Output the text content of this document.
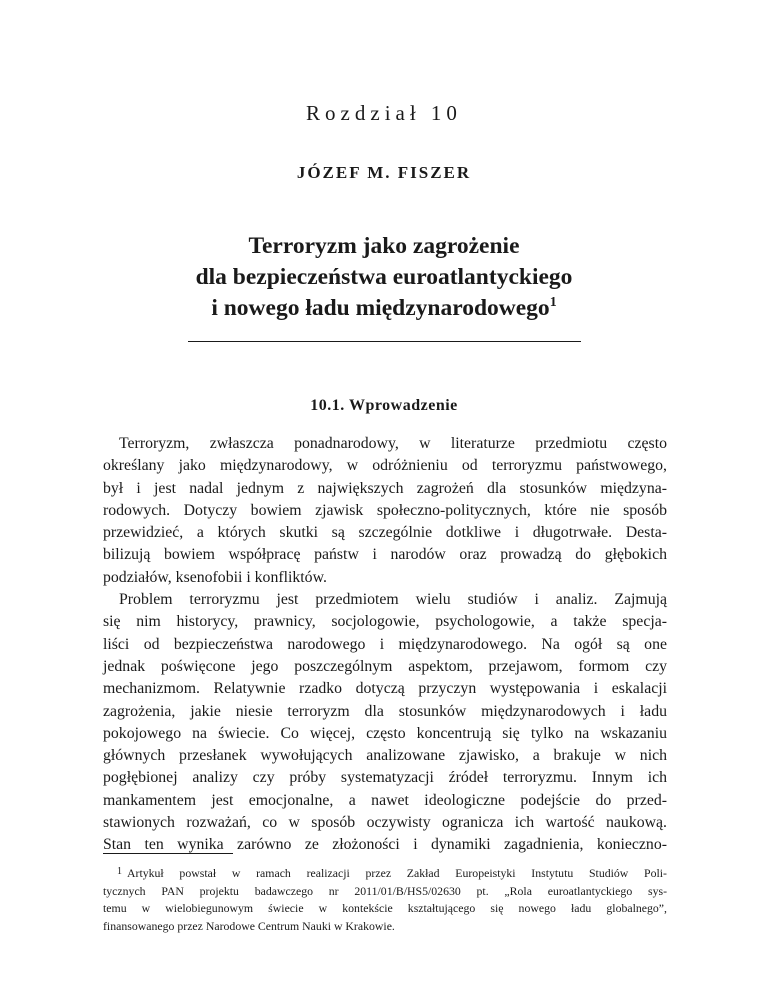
Rozdział 10
JÓZEF M. FISZER
Terroryzm jako zagrożenie
dla bezpieczeństwa euroatlantyckiego
i nowego ładu międzynarodowego$^1$
10.1. Wprowadzenie
Terroryzm, zwłaszcza ponadnarodowy, w literaturze przedmiotu często
określany jako międzynarodowy, w odróżnieniu od terroryzmu państwowego,
był i jest nadal jednym z największych zagrożeń dla stosunków międzyna-
rodowych. Dotyczy bowiem zjawisk społeczno-politycznych, które nie sposób
przewidzieć, a których skutki są szczególnie dotkliwe i długotrwałe. Desta-
bilizują bowiem współpracę państw i narodów oraz prowadzą do głębokich
podziałów, ksenofobii i konfliktów.
Problem terroryzmu jest przedmiotem wielu studiów i analiz. Zajmują
się nim historycy, prawnicy, socjologowie, psychologowie, a także specja-
liści od bezpieczeństwa narodowego i międzynarodowego. Na ogół są one
jednak poświęcone jego poszczególnym aspektom, przejawom, formom czy
mechanizmom. Relatywnie rzadko dotyczą przyczyn występowania i eskalacji
zagrożenia, jakie niesie terroryzm dla stosunków międzynarodowych i ładu
pokojowego na świecie. Co więcej, często koncentrują się tylko na wskazaniu
głównych przesłanek wywołujących analizowane zjawisko, a brakuje w nich
pogłębionej analizy czy próby systematyzacji źródeł terroryzmu. Innym ich
mankamentem jest emocjonalne, a nawet ideologiczne podejście do przed-
stawionych rozważań, co w sposób oczywisty ogranicza ich wartość naukową.
Stan ten wynika zarówno ze złożoności i dynamiki zagadnienia, konieczno-
$^1$ Artykuł powstał w ramach realizacji przez Zakład Europeistyki Instytutu Studiów Poli-
tycznych PAN projektu badawczego nr 2011/01/B/HS5/02630 pt. „Rola euroatlantyckiego sys-
temu w wielobiegunowym świecie w kontekście kształtującego się nowego ładu globalnego”,
finansowanego przez Narodowe Centrum Nauki w Krakowie.
